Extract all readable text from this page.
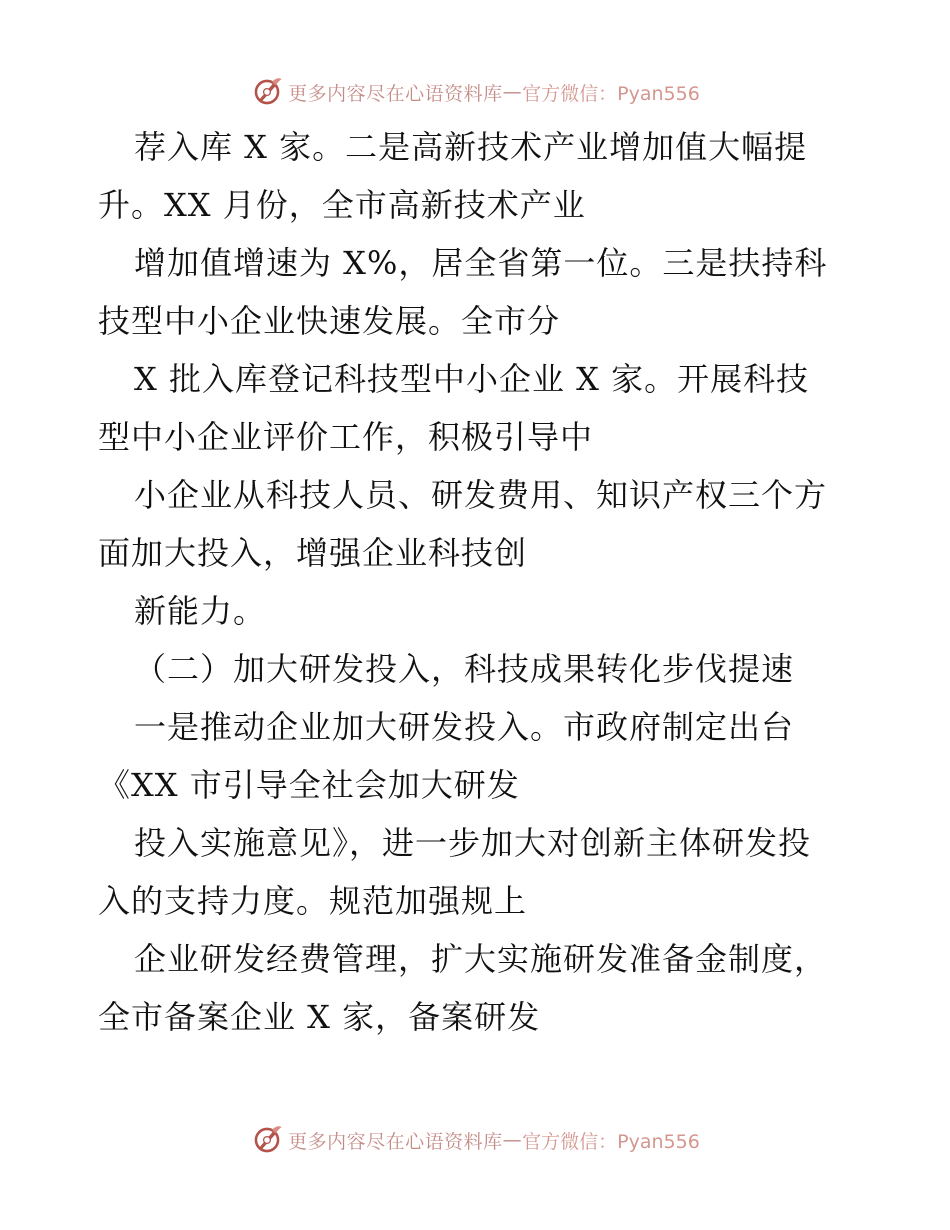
更多内容尽在心语资料库 — 官方微信：Pyan556
荐入库 X 家。二是高新技术产业增加值大幅提
升。XX 月份，全市高新技术产业
增加值增速为 X%，居全省第一位。三是扶持科
技型中小企业快速发展。全市分
X 批入库登记科技型中小企业 X 家。开展科技
型中小企业评价工作，积极引导中
小企业从科技人员、研发费用、知识产权三个方
面加大投入，增强企业科技创
新能力。
（二）加大研发投入，科技成果转化步伐提速
一是推动企业加大研发投入。市政府制定出台
《XX 市引导全社会加大研发
投入实施意见》，进一步加大对创新主体研发投
入的支持力度。规范加强规上
企业研发经费管理，扩大实施研发准备金制度，
全市备案企业 X 家，备案研发
更多内容尽在心语资料库 — 官方微信：Pyan556
